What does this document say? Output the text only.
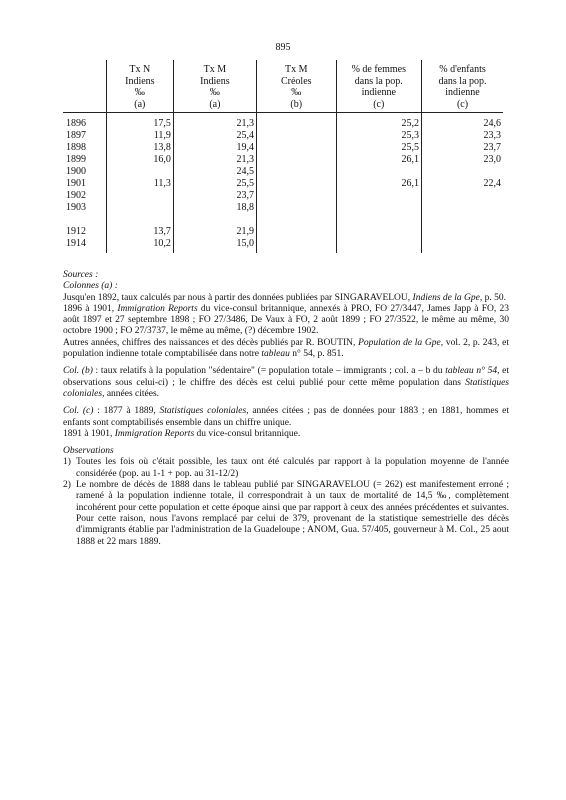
895
	Tx N
Indiens
‰
(a)	Tx M
Indiens
‰
(a)	Tx M
Créoles
‰
(b)	% de femmes
dans la pop.
indienne
(c)	% d'enfants
dans la pop.
indienne
(c)
1896	17,5	21,3		25,2	24,6
1897	11,9	25,4		25,3	23,3
1898	13,8	19,4		25,5	23,7
1899	16,0	21,3		26,1	23,0
1900		24,5			
1901	11,3	25,5		26,1	22,4
1902		23,7			
1903		18,8			

1912	13,7	21,9			
1914	10,2	15,0			

Sources :

Colonnes (a) :

Jusqu'en 1892, taux calculés par nous à partir des données publiées par SINGARAVELOU, Indiens de la Gpe, p. 50.

1896 à 1901, Immigration Reports du vice-consul britannique, annexés à PRO, FO 27/3447, James Japp à FO, 23 août 1897 et 27 septembre 1898 ; FO 27/3486, De Vaux à FO, 2 août 1899 ; FO 27/3522, le même au même, 30 octobre 1900 ; FO 27/3737, le même au même, (?) décembre 1902.

Autres années, chiffres des naissances et des décès publiés par R. BOUTIN, Population de la Gpe, vol. 2, p. 243, et population indienne totale comptabilisée dans notre tableau n° 54, p. 851.

Col. (b) : taux relatifs à la population "sédentaire" (= population totale – immigrants ; col. a – b du tableau n° 54, et observations sous celui-ci) ; le chiffre des décès est celui publié pour cette même population dans Statistiques coloniales, années citées.

Col. (c) : 1877 à 1889, Statistiques coloniales, années citées ; pas de données pour 1883 ; en 1881, hommes et enfants sont comptabilisés ensemble dans un chiffre unique.

1891 à 1901, Immigration Reports du vice-consul britannique.

Observations

1) Toutes les fois où c'était possible, les taux ont été calculés par rapport à la population moyenne de l'année considérée (pop. au 1-1 + pop. au 31-12/2)
2) Le nombre de décès de 1888 dans le tableau publié par SINGARAVELOU (= 262) est manifestement erroné ; ramené à la population indienne totale, il correspondrait à un taux de mortalité de 14,5 ‰, complètement incohérent pour cette population et cette époque ainsi que par rapport à ceux des années précédentes et suivantes. Pour cette raison, nous l'avons remplacé par celui de 379, provenant de la statistique semestrielle des décès d'immigrants établie par l'administration de la Guadeloupe ; ANOM, Gua. 57/405, gouverneur à M. Col., 25 aout 1888 et 22 mars 1889.
